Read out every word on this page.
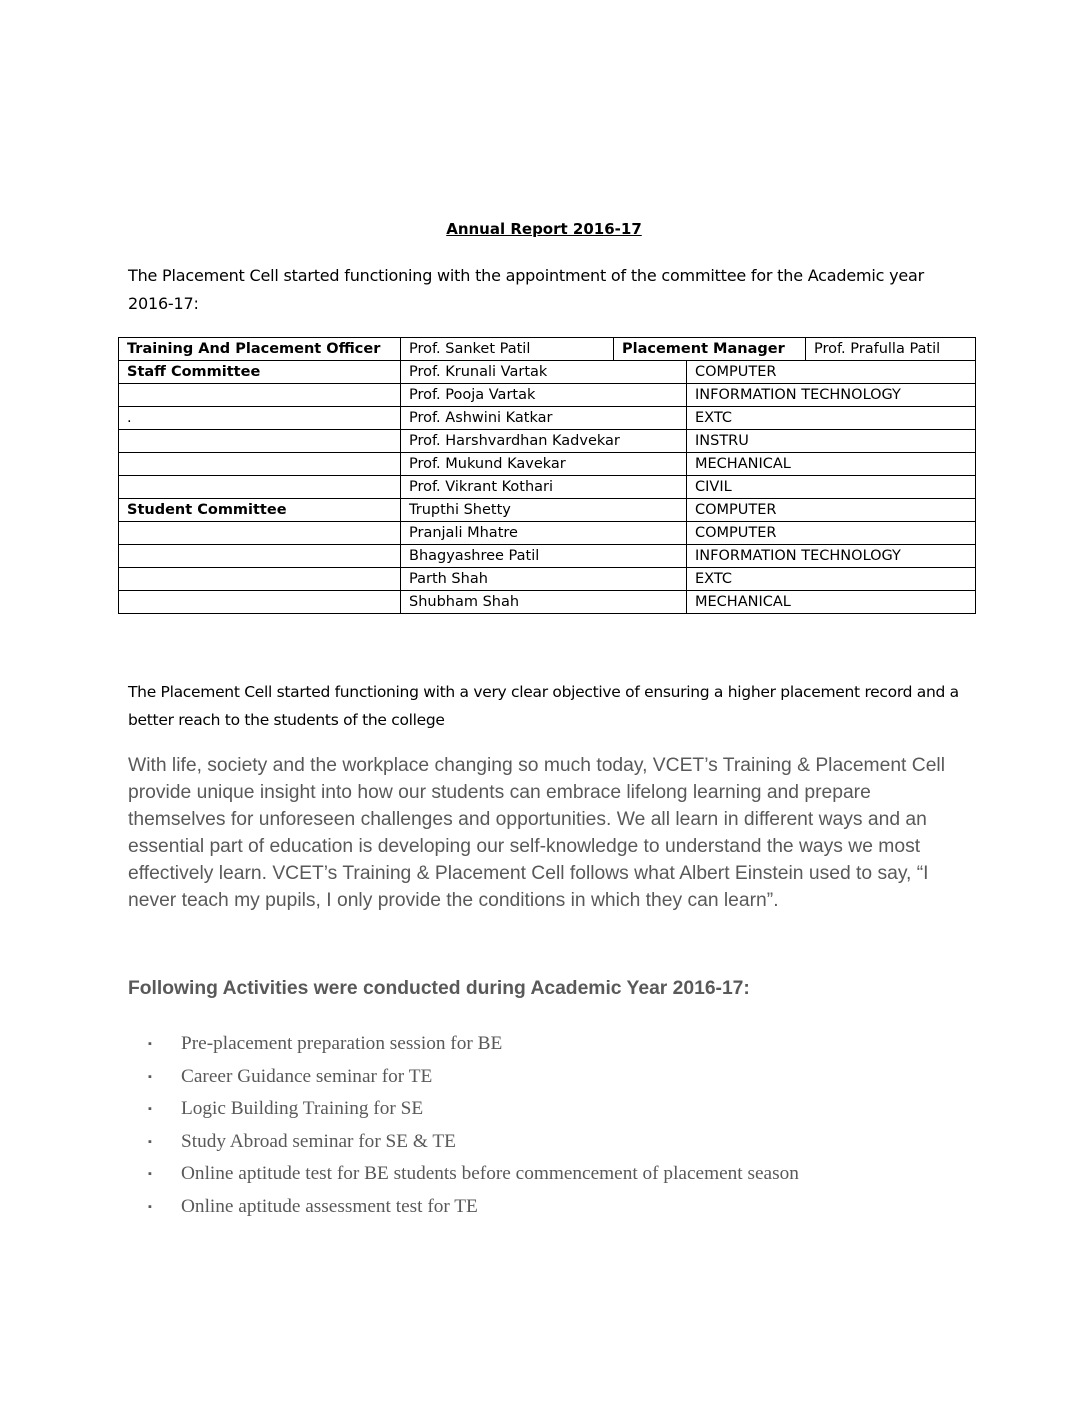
Annual Report 2016-17
The Placement Cell started functioning with the appointment of the committee for the Academic year 2016-17:
Training And Placement Officer	Prof. Sanket Patil	Placement Manager		Prof. Prafulla Patil
Staff Committee	Prof. Krunali Vartak		COMPUTER	
	Prof. Pooja Vartak		INFORMATION TECHNOLOGY	
.	Prof. Ashwini Katkar		EXTC	
	Prof. Harshvardhan Kadvekar		INSTRU	
	Prof. Mukund Kavekar		MECHANICAL	
	Prof. Vikrant Kothari		CIVIL	
Student Committee	Trupthi Shetty		COMPUTER	
	Pranjali Mhatre		COMPUTER	
	Bhagyashree Patil		INFORMATION TECHNOLOGY	
	Parth Shah		EXTC	
	Shubham Shah		MECHANICAL	
The Placement Cell started functioning with a very clear objective of ensuring a higher placement record and a better reach to the students of the college
With life, society and the workplace changing so much today, VCET’s Training & Placement Cell provide unique insight into how our students can embrace lifelong learning and prepare themselves for unforeseen challenges and opportunities. We all learn in different ways and an essential part of education is developing our self-knowledge to understand the ways we most effectively learn. VCET’s Training & Placement Cell follows what Albert Einstein used to say, “I never teach my pupils, I only provide the conditions in which they can learn”.
Following Activities were conducted during Academic Year 2016-17:
▪ Pre-placement preparation session for BE
▪ Career Guidance seminar for TE
▪ Logic Building Training for SE
▪ Study Abroad seminar for SE & TE
▪ Online aptitude test for BE students before commencement of placement season
▪ Online aptitude assessment test for TE
